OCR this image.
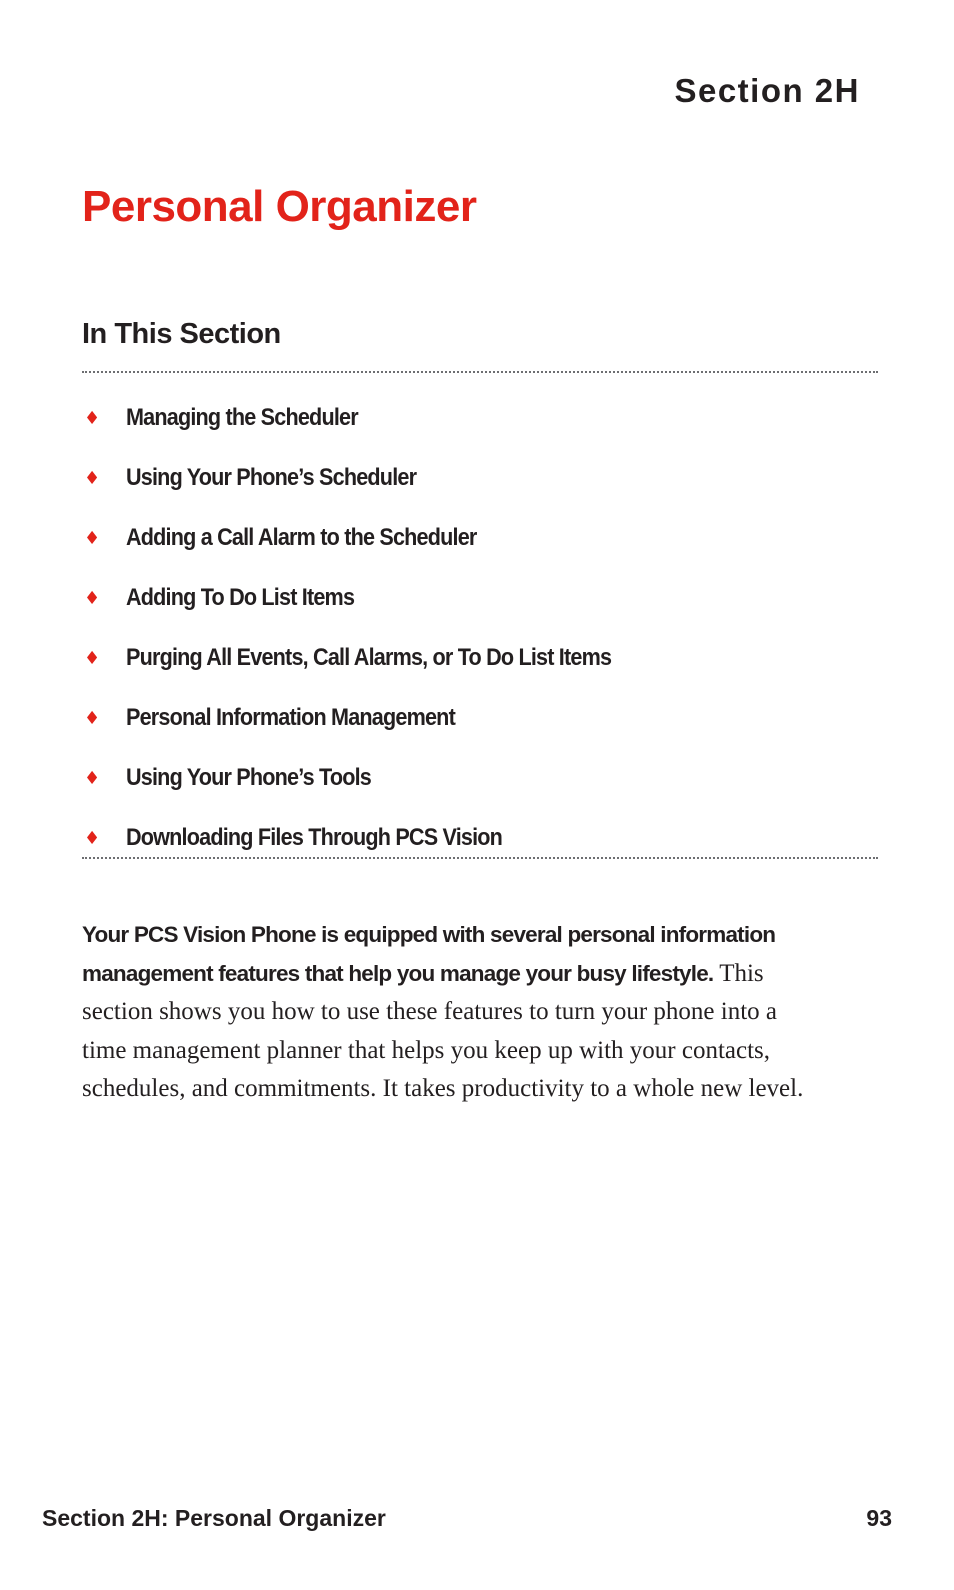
Section 2H
Personal Organizer
In This Section
♦	Managing the Scheduler
♦	Using Your Phone’s Scheduler
♦	Adding a Call Alarm to the Scheduler
♦	Adding To Do List Items
♦	Purging All Events, Call Alarms, or To Do List Items
♦	Personal Information Management
♦	Using Your Phone’s Tools
♦	Downloading Files Through PCS Vision

Your PCS Vision Phone is equipped with several personal information management features that help you manage your busy lifestyle. This section shows you how to use these features to turn your phone into a time management planner that helps you keep up with your contacts, schedules, and commitments. It takes productivity to a whole new level.

Section 2H: Personal Organizer	93
